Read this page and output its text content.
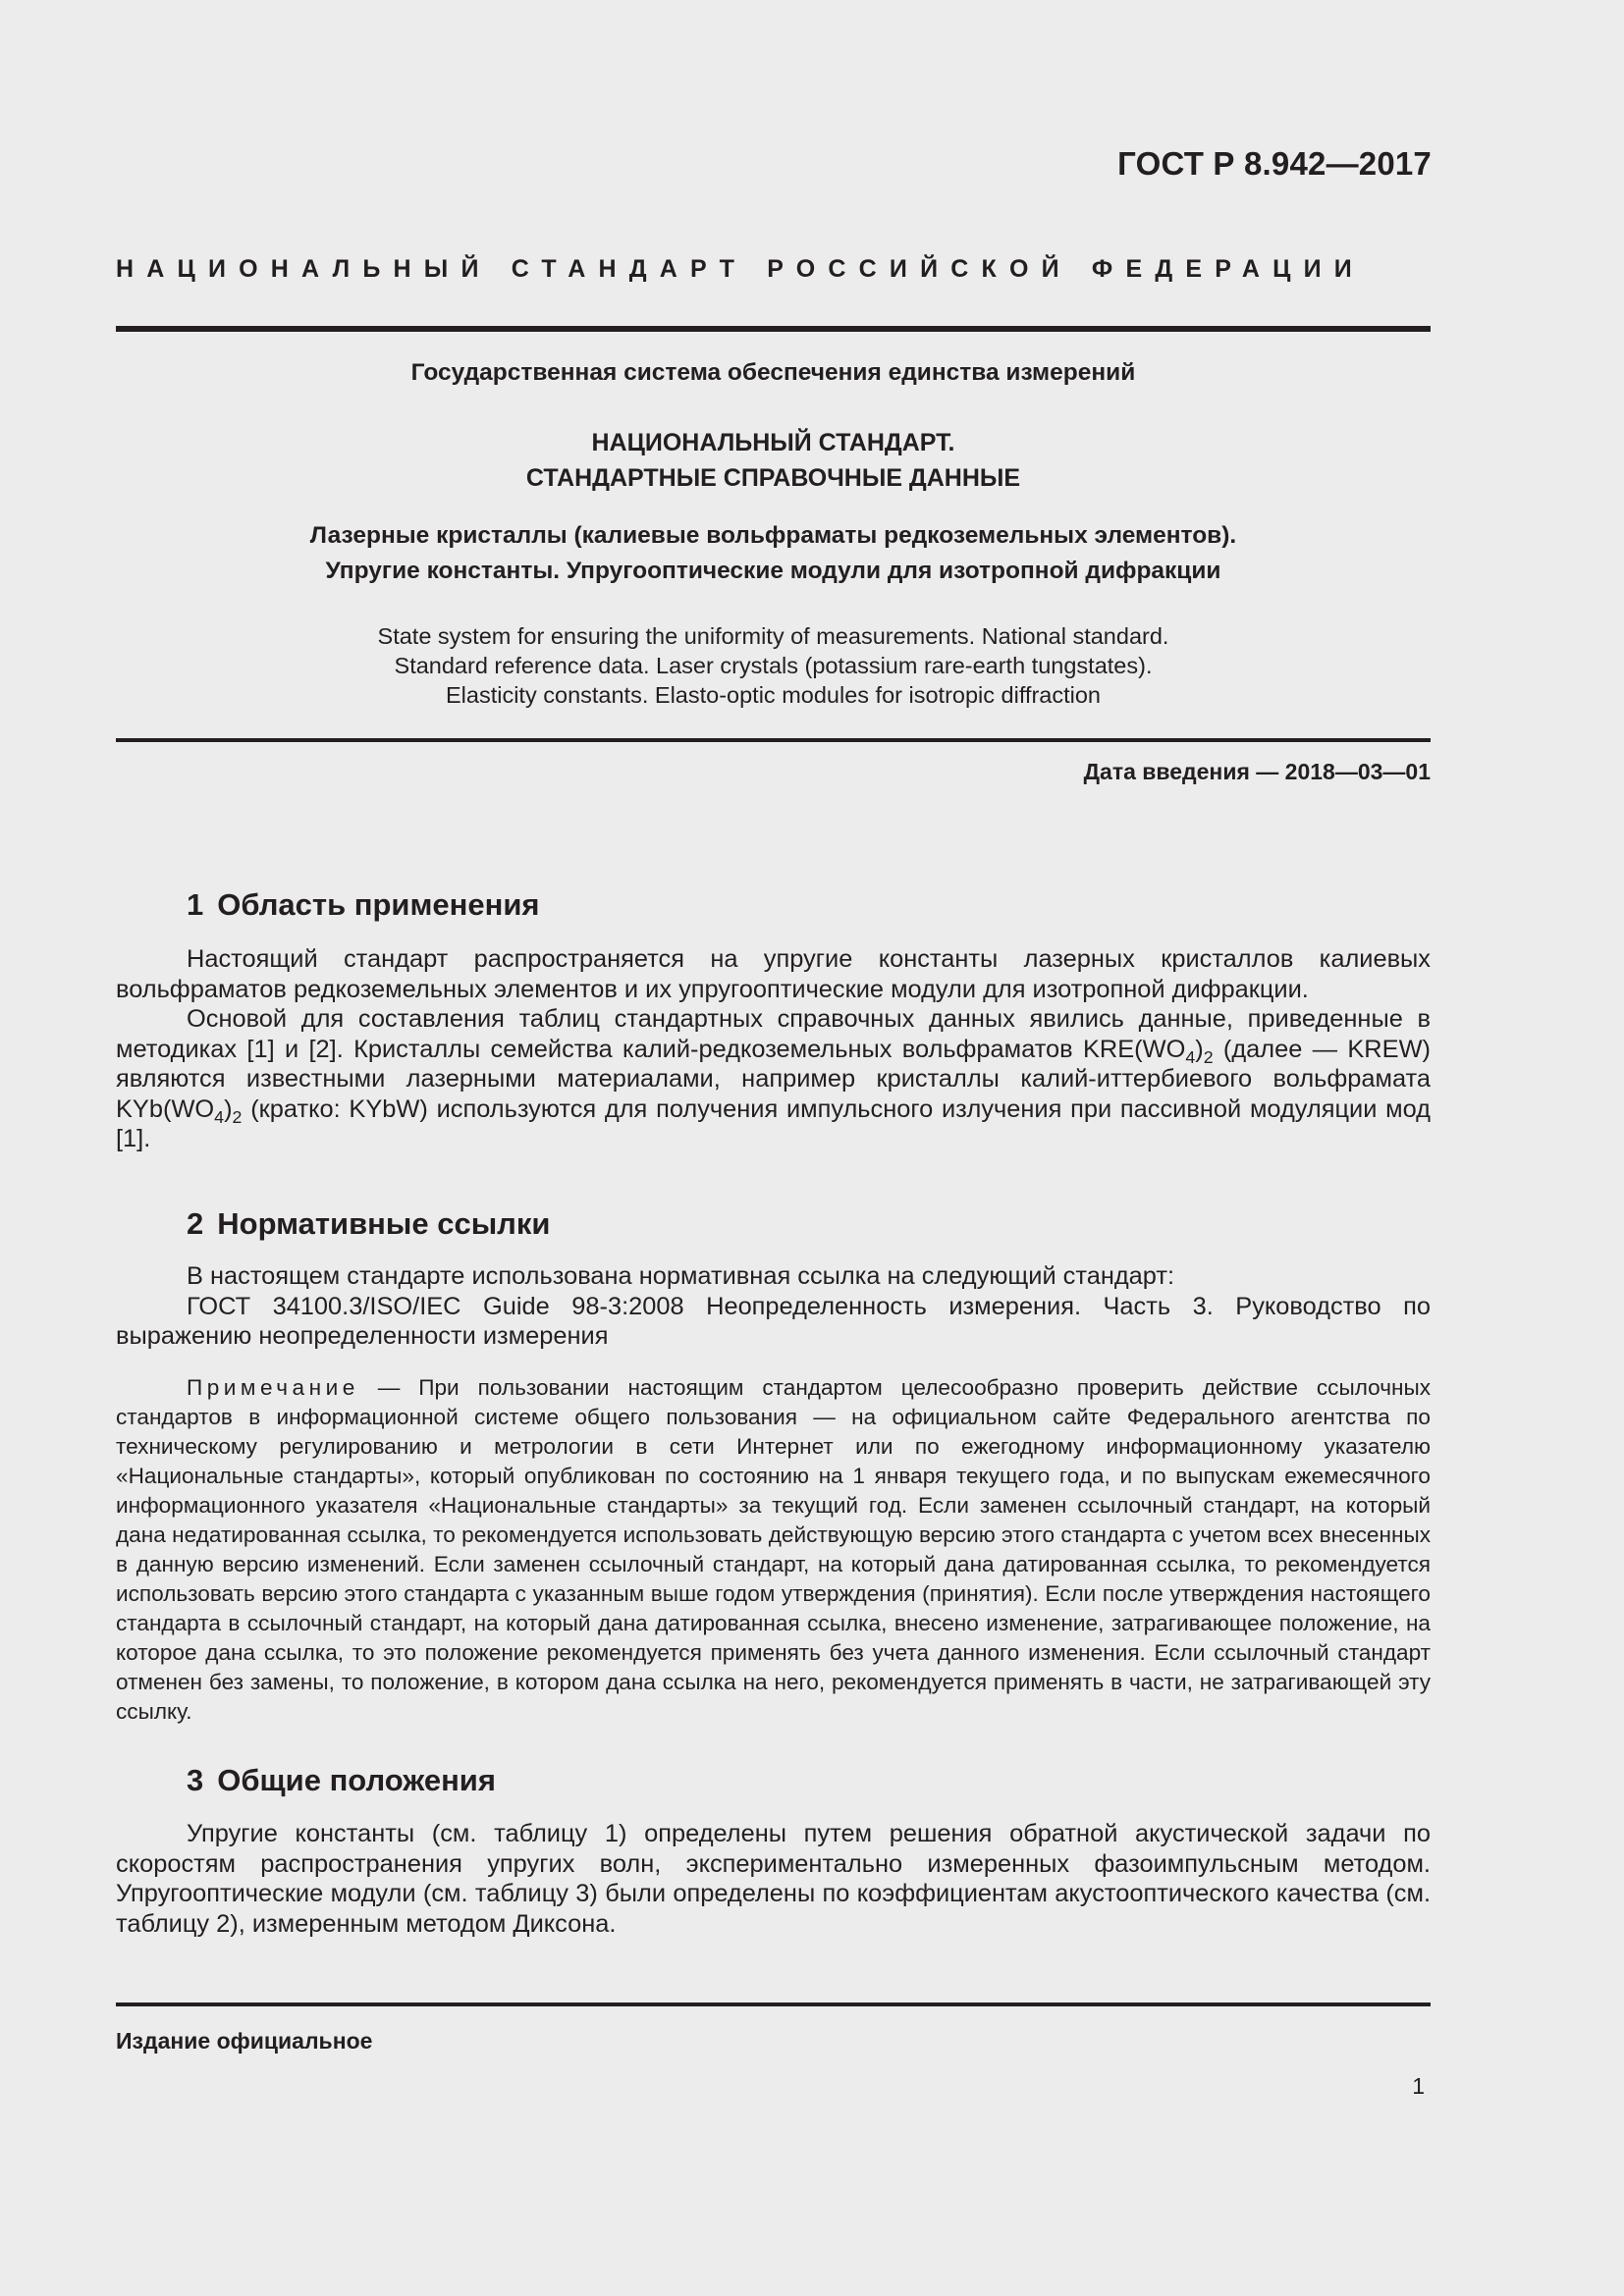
ГОСТ Р 8.942—2017
НАЦИОНАЛЬНЫЙ СТАНДАРТ РОССИЙСКОЙ ФЕДЕРАЦИИ
Государственная система обеспечения единства измерений
НАЦИОНАЛЬНЫЙ СТАНДАРТ.
СТАНДАРТНЫЕ СПРАВОЧНЫЕ ДАННЫЕ
Лазерные кристаллы (калиевые вольфраматы редкоземельных элементов).
Упругие константы. Упругооптические модули для изотропной дифракции
State system for ensuring the uniformity of measurements. National standard.
Standard reference data. Laser crystals (potassium rare-earth tungstates).
Elasticity constants. Elasto-optic modules for isotropic diffraction
Дата введения — 2018—03—01
1 Область применения

Настоящий стандарт распространяется на упругие константы лазерных кристаллов калиевых вольфраматов редкоземельных элементов и их упругооптические модули для изотропной дифракции.

Основой для составления таблиц стандартных справочных данных явились данные, приведенные в методиках [1] и [2]. Кристаллы семейства калий-редкоземельных вольфраматов $KRE(WO_4)_2$ (далее — KREW) являются известными лазерными материалами, например кристаллы калий-иттербиевого вольфрамата $KYb(WO_4)_2$ (кратко: KYbW) используются для получения импульсного излучения при пассивной модуляции мод [1].

2 Нормативные ссылки

В настоящем стандарте использована нормативная ссылка на следующий стандарт:

ГОСТ 34100.3/ISO/IEC Guide 98-3:2008 Неопределенность измерения. Часть 3. Руководство по выражению неопределенности измерения

Примечание — При пользовании настоящим стандартом целесообразно проверить действие ссылочных стандартов в информационной системе общего пользования — на официальном сайте Федерального агентства по техническому регулированию и метрологии в сети Интернет или по ежегодному информационному указателю «Национальные стандарты», который опубликован по состоянию на 1 января текущего года, и по выпускам ежемесячного информационного указателя «Национальные стандарты» за текущий год. Если заменен ссылочный стандарт, на который дана недатированная ссылка, то рекомендуется использовать действующую версию этого стандарта с учетом всех внесенных в данную версию изменений. Если заменен ссылочный стандарт, на который дана датированная ссылка, то рекомендуется использовать версию этого стандарта с указанным выше годом утверждения (принятия). Если после утверждения настоящего стандарта в ссылочный стандарт, на который дана датированная ссылка, внесено изменение, затрагивающее положение, на которое дана ссылка, то это положение рекомендуется применять без учета данного изменения. Если ссылочный стандарт отменен без замены, то положение, в котором дана ссылка на него, рекомендуется применять в части, не затрагивающей эту ссылку.

3 Общие положения

Упругие константы (см. таблицу 1) определены путем решения обратной акустической задачи по скоростям распространения упругих волн, экспериментально измеренных фазоимпульсным методом. Упругооптические модули (см. таблицу 3) были определены по коэффициентам акустооптического качества (см. таблицу 2), измеренным методом Диксона.

Издание официальное
1
